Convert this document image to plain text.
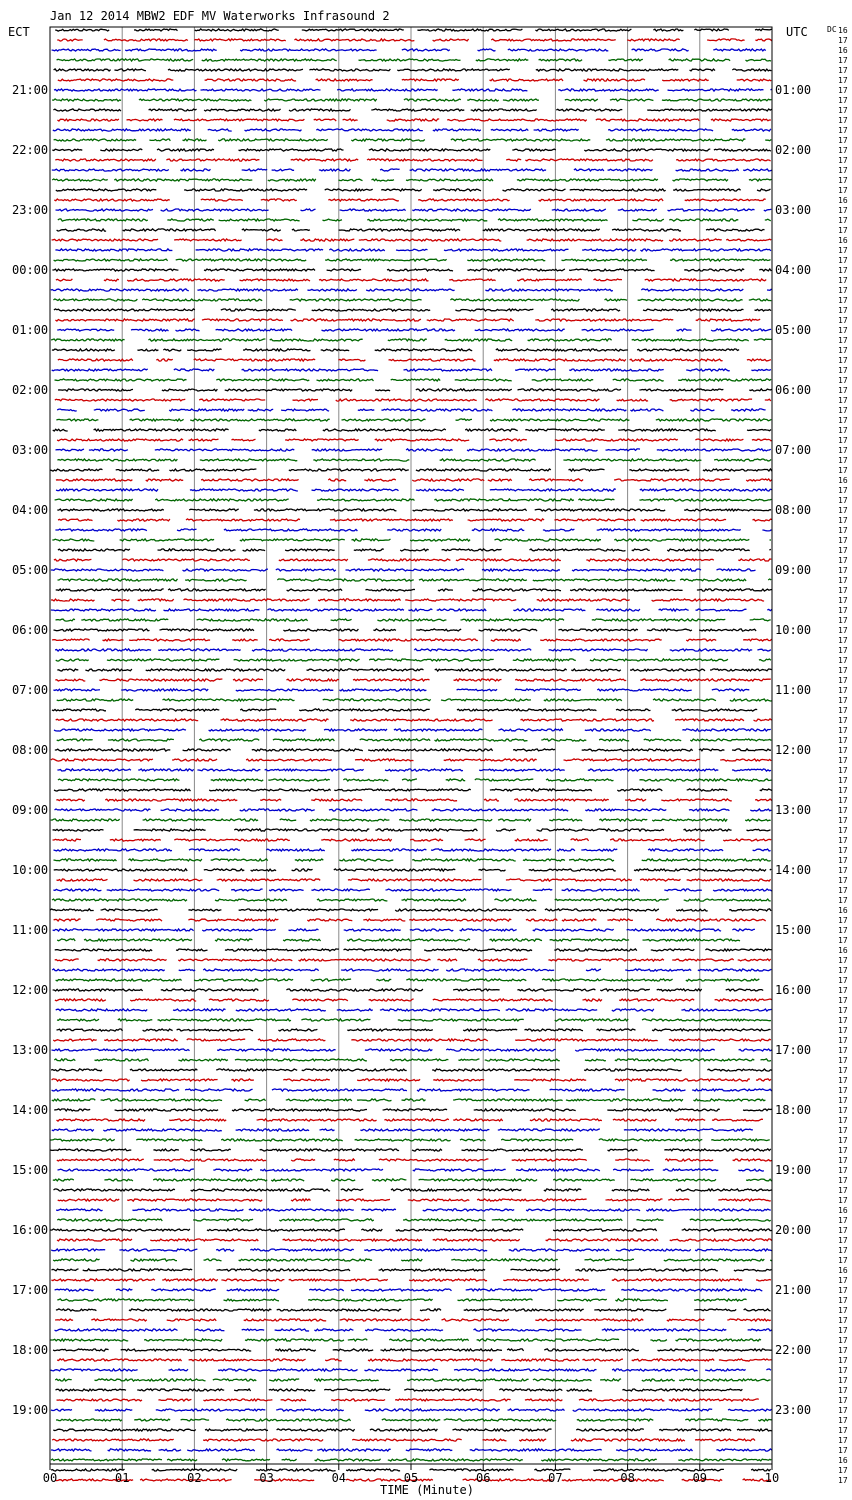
Jan 12 2014 MBW2 EDF MV Waterworks Infrasound 2
ECT	UTC DC
21:00
22:00
23:00
00:00
01:00
02:00
03:00
04:00
05:00
06:00
07:00
08:00
09:00
10:00
11:00
12:00
13:00
14:00
15:00
16:00
17:00
18:00
19:00
01:00
02:00
03:00
04:00
05:00
06:00
07:00
08:00
09:00
10:00
11:00
12:00
13:00
14:00
15:00
16:00
17:00
18:00
19:00
20:00
21:00
22:00
23:00
16
17
16
17
17
17
17
17
17
17
17
17
17
17
17
17
17
16
17
17
17
16
17
17
17
17
17
17
17
17
17
17
17
17
17
17
17
17
17
17
17
17
17
17
17
16
17
17
17
17
17
17
17
17
17
17
17
17
17
17
17
17
17
17
17
17
17
17
17
17
17
17
17
17
17
17
17
17
17
17
17
17
17
17
17
17
17
17
16
17
17
17
16
17
17
17
17
17
17
17
17
17
17
17
17
17
17
17
17
17
17
17
17
17
17
17
17
17
16
17
17
17
17
17
16
17
17
17
17
17
17
17
17
17
17
17
17
17
17
17
17
17
17
16
17
17
00	01	02	03	04	05	06	07	08	09	10
TIME (Minute)
